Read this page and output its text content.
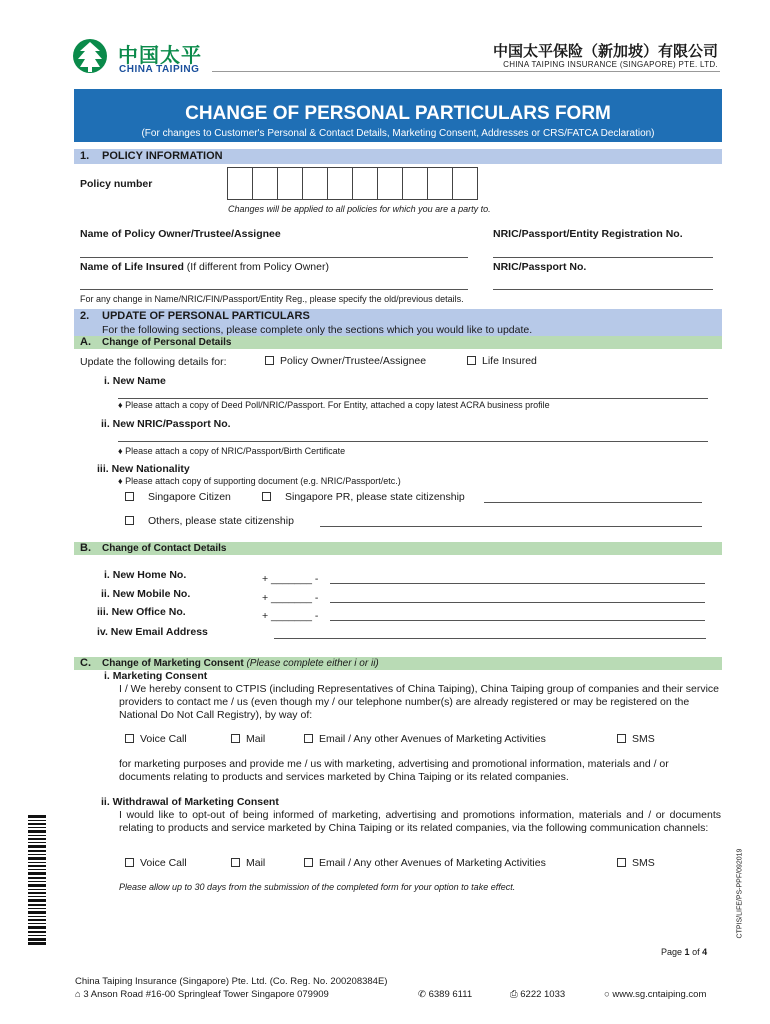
中国太平
CHINA TAIPING
中国太平保险（新加坡）有限公司
CHINA TAIPING INSURANCE (SINGAPORE) PTE. LTD.
CHANGE OF PERSONAL PARTICULARS FORM
(For changes to Customer's Personal & Contact Details, Marketing Consent, Addresses or CRS/FATCA Declaration)
1. POLICY INFORMATION
Policy number
Changes will be applied to all policies for which you are a party to.
Name of Policy Owner/Trustee/Assignee	NRIC/Passport/Entity Registration No.
Name of Life Insured (If different from Policy Owner)	NRIC/Passport No.
For any change in Name/NRIC/FIN/Passport/Entity Reg., please specify the old/previous details.
2. UPDATE OF PERSONAL PARTICULARS
For the following sections, please complete only the sections which you would like to update.
A. Change of Personal Details
Update the following details for:	Policy Owner/Trustee/Assignee	Life Insured
i. New Name
♦ Please attach a copy of Deed Poll/NRIC/Passport. For Entity, attached a copy latest ACRA business profile
ii. New NRIC/Passport No.
♦ Please attach a copy of NRIC/Passport/Birth Certificate
iii. New Nationality
♦ Please attach copy of supporting document (e.g. NRIC/Passport/etc.)
Singapore Citizen	Singapore PR, please state citizenship
Others, please state citizenship
B. Change of Contact Details
i. New Home No.	+ _______ -
ii. New Mobile No.	+ _______ -
iii. New Office No.	+ _______ -
iv. New Email Address
C. Change of Marketing Consent (Please complete either i or ii)
i. Marketing Consent
I / We hereby consent to CTPIS (including Representatives of China Taiping), China Taiping group of companies and their service providers to contact me / us (even though my / our telephone number(s) are already registered or may be registered on the National Do Not Call Registry), by way of:
Voice Call	Mail	Email / Any other Avenues of Marketing Activities	SMS
for marketing purposes and provide me / us with marketing, advertising and promotional information, materials and / or documents relating to products and services marketed by China Taiping or its related companies.
ii. Withdrawal of Marketing Consent
I would like to opt-out of being informed of marketing, advertising and promotions information, materials and / or documents relating to products and service marketed by China Taiping or its related companies, via the following communication channels:
Voice Call	Mail	Email / Any other Avenues of Marketing Activities	SMS
Please allow up to 30 days from the submission of the completed form for your option to take effect.	CTPIS/LIFE/PS-PPF/092019
Page 1 of 4
China Taiping Insurance (Singapore) Pte. Ltd. (Co. Reg. No. 200208384E)
⌂ 3 Anson Road #16-00 Springleaf Tower Singapore 079909	✆ 6389 6111	⎙ 6222 1033	○ www.sg.cntaiping.com
